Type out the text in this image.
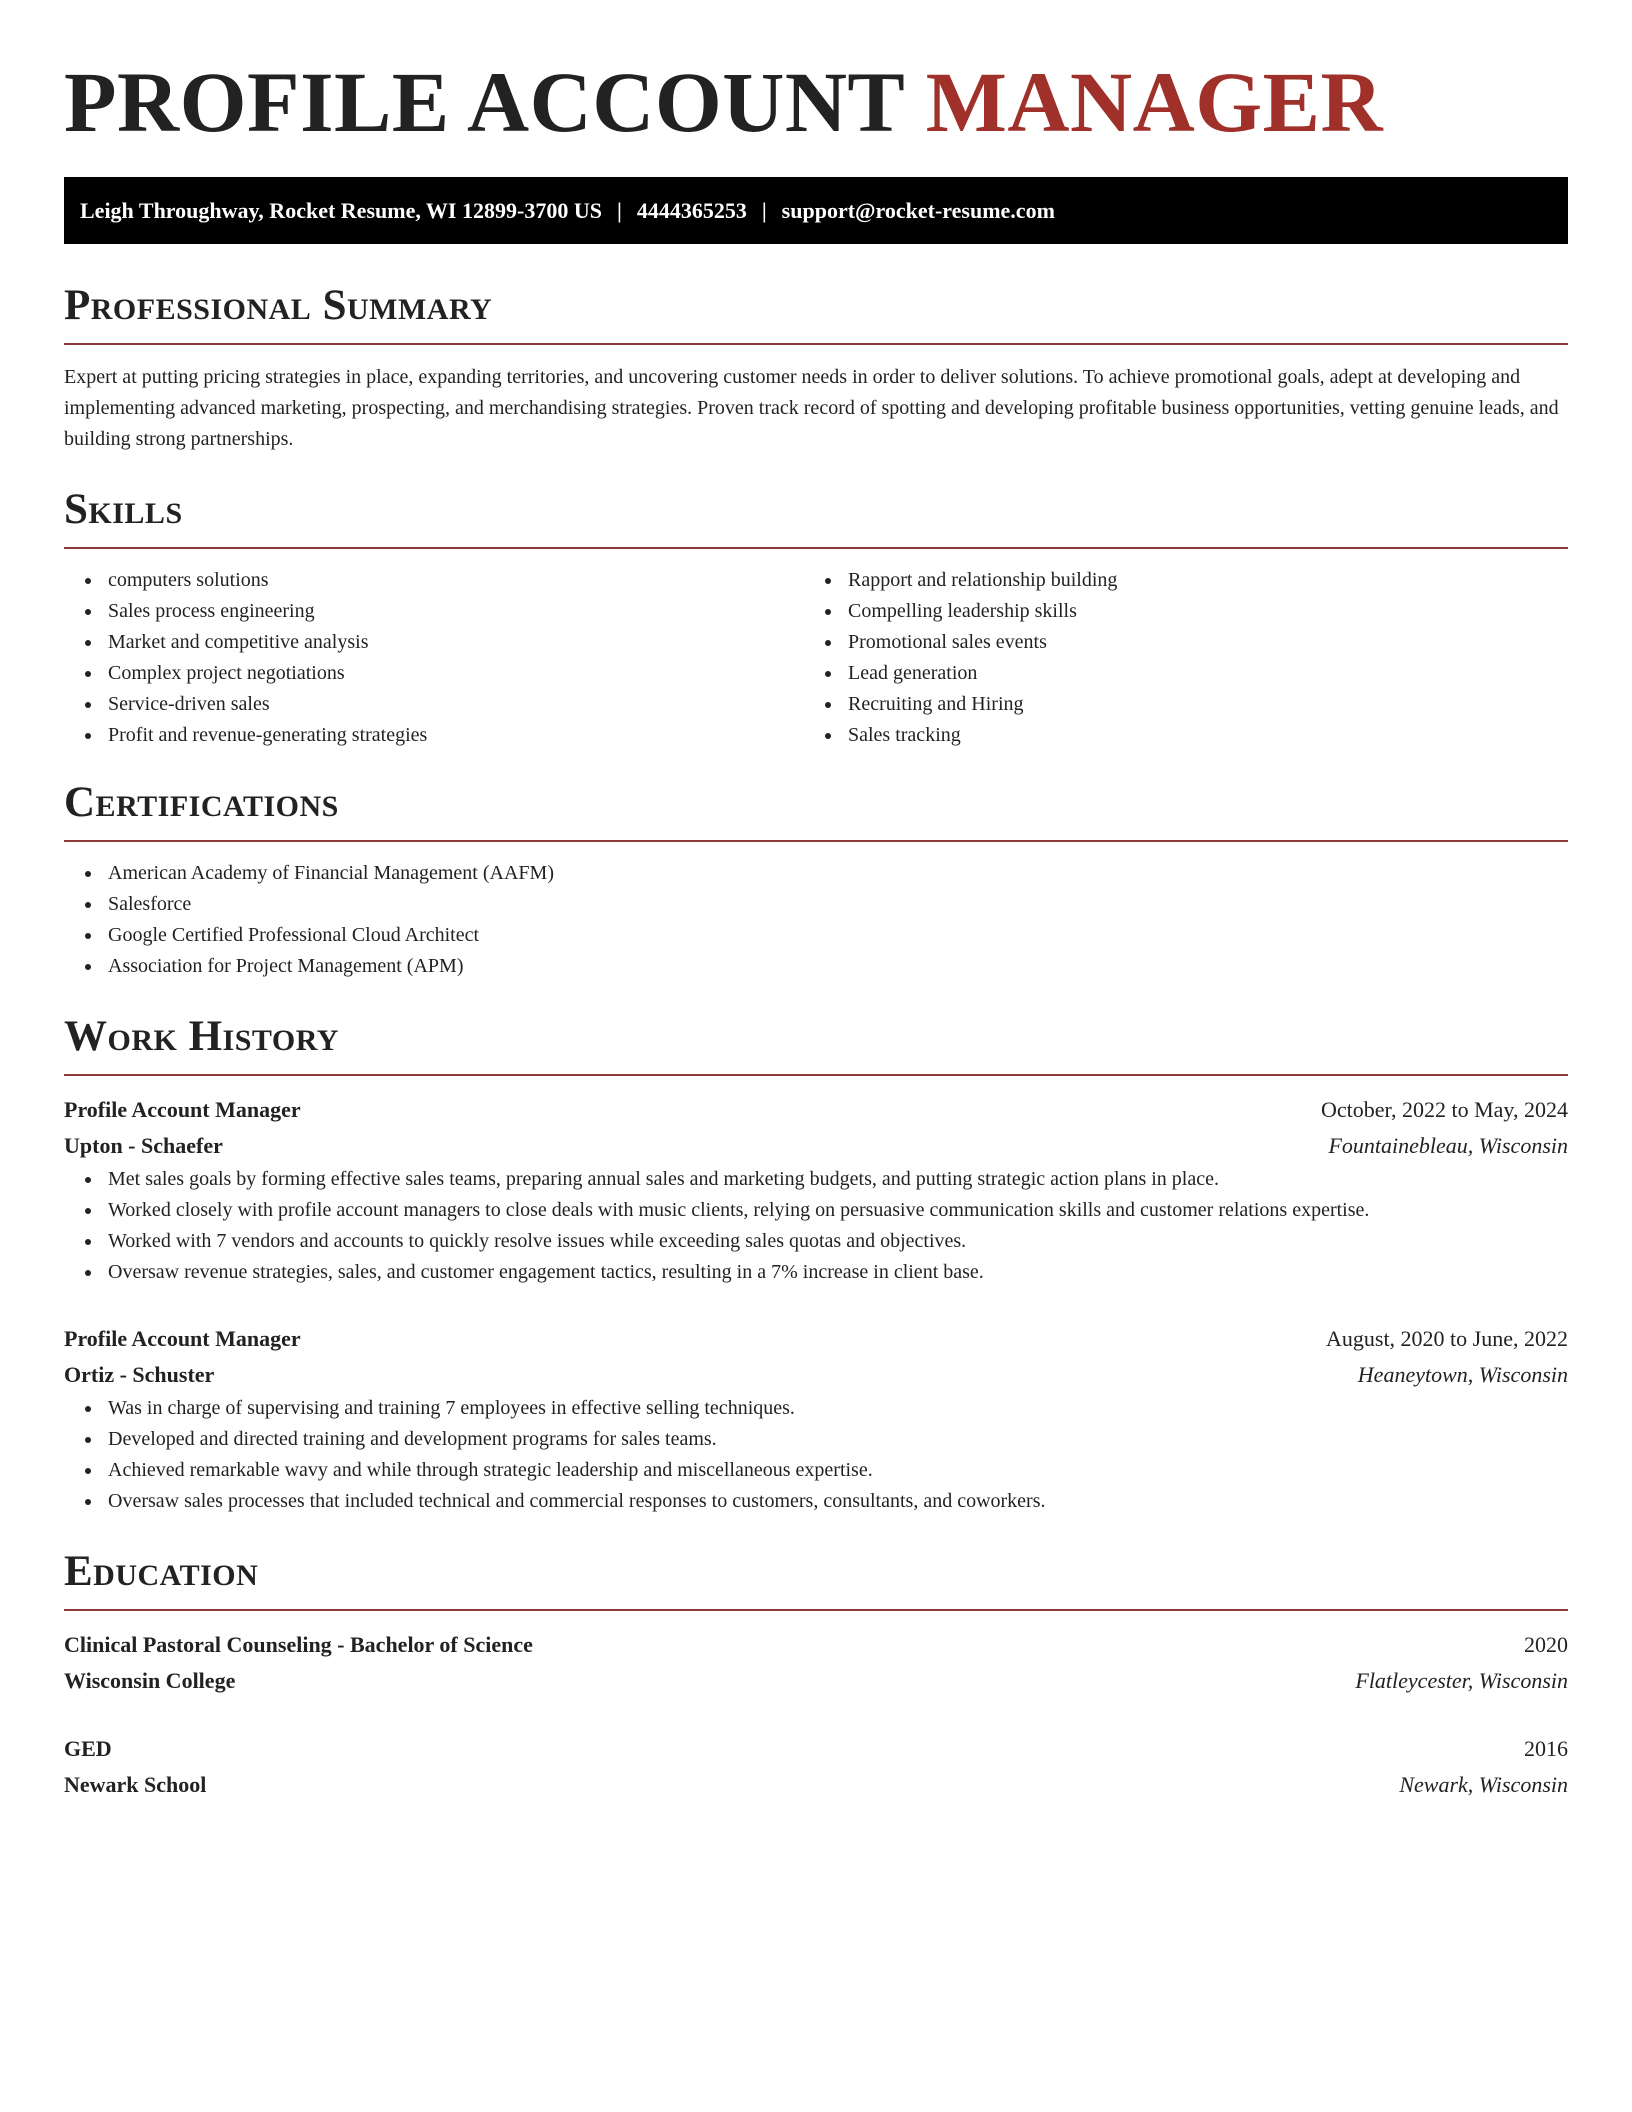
PROFILE ACCOUNT MANAGER
Leigh Throughway, Rocket Resume, WI 12899-3700 US | 4444365253 | support@rocket-resume.com
Professional Summary

Expert at putting pricing strategies in place, expanding territories, and uncovering customer needs in order to deliver solutions. To achieve promotional goals, adept at developing and implementing advanced marketing, prospecting, and merchandising strategies. Proven track record of spotting and developing profitable business opportunities, vetting genuine leads, and building strong partnerships.

Skills
computers solutions
Sales process engineering
Market and competitive analysis
Complex project negotiations
Service-driven sales
Profit and revenue-generating strategies
Rapport and relationship building
Compelling leadership skills
Promotional sales events
Lead generation
Recruiting and Hiring
Sales tracking
Certifications
American Academy of Financial Management (AAFM)
Salesforce
Google Certified Professional Cloud Architect
Association for Project Management (APM)
Work History
Profile Account Manager	October, 2022 to May, 2024
Upton - Schaefer	Fountainebleau, Wisconsin
Met sales goals by forming effective sales teams, preparing annual sales and marketing budgets, and putting strategic action plans in place.
Worked closely with profile account managers to close deals with music clients, relying on persuasive communication skills and customer relations expertise.
Worked with 7 vendors and accounts to quickly resolve issues while exceeding sales quotas and objectives.
Oversaw revenue strategies, sales, and customer engagement tactics, resulting in a 7% increase in client base.
Profile Account Manager	August, 2020 to June, 2022
Ortiz - Schuster	Heaneytown, Wisconsin
Was in charge of supervising and training 7 employees in effective selling techniques.
Developed and directed training and development programs for sales teams.
Achieved remarkable wavy and while through strategic leadership and miscellaneous expertise.
Oversaw sales processes that included technical and commercial responses to customers, consultants, and coworkers.
Education
Clinical Pastoral Counseling - Bachelor of Science	2020
Wisconsin College	Flatleycester, Wisconsin
GED	2016
Newark School	Newark, Wisconsin
